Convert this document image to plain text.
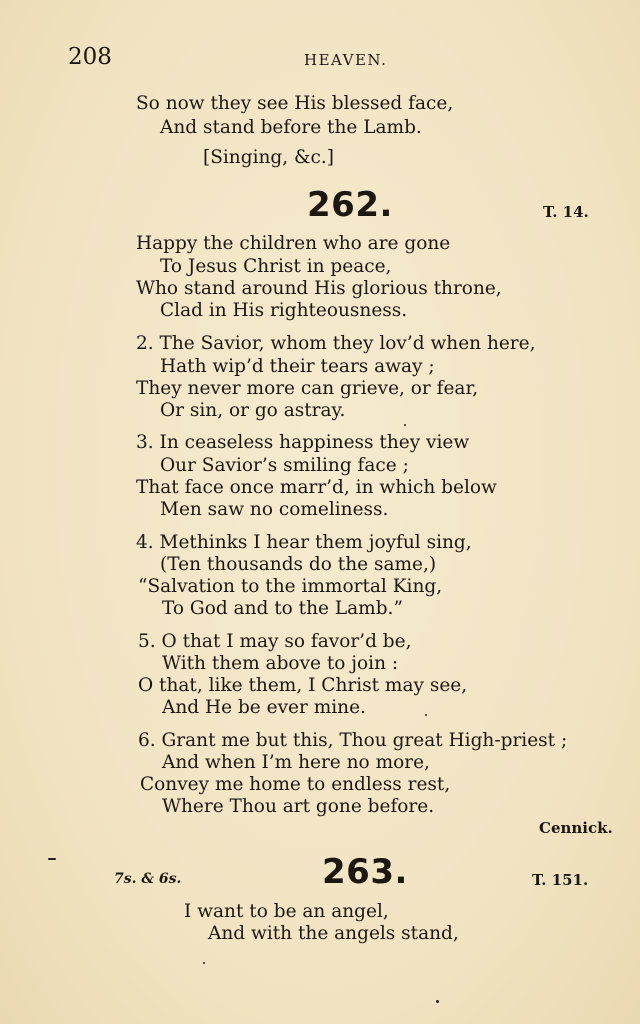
208	HEAVEN.
So now they see His blessed face,
And stand before the Lamb.
[Singing, &c.]
262.	T. 14.
Happy the children who are gone
To Jesus Christ in peace,
Who stand around His glorious throne,
Clad in His righteousness.
2. The Savior, whom they lov’d when here,
Hath wip’d their tears away ;
They never more can grieve, or fear,
Or sin, or go astray.
3. In ceaseless happiness they view
Our Savior’s smiling face ;
That face once marr’d, in which below
Men saw no comeliness.
4. Methinks I hear them joyful sing,
(Ten thousands do the same,)
“Salvation to the immortal King,
To God and to the Lamb.”
5. O that I may so favor’d be,
With them above to join :
O that, like them, I Christ may see,
And He be ever mine.
6. Grant me but this, Thou great High-priest ;
And when I’m here no more,
Convey me home to endless rest,
Where Thou art gone before.
Cennick.
7s. & 6s.	263.	T. 151.
I want to be an angel,
And with the angels stand,
